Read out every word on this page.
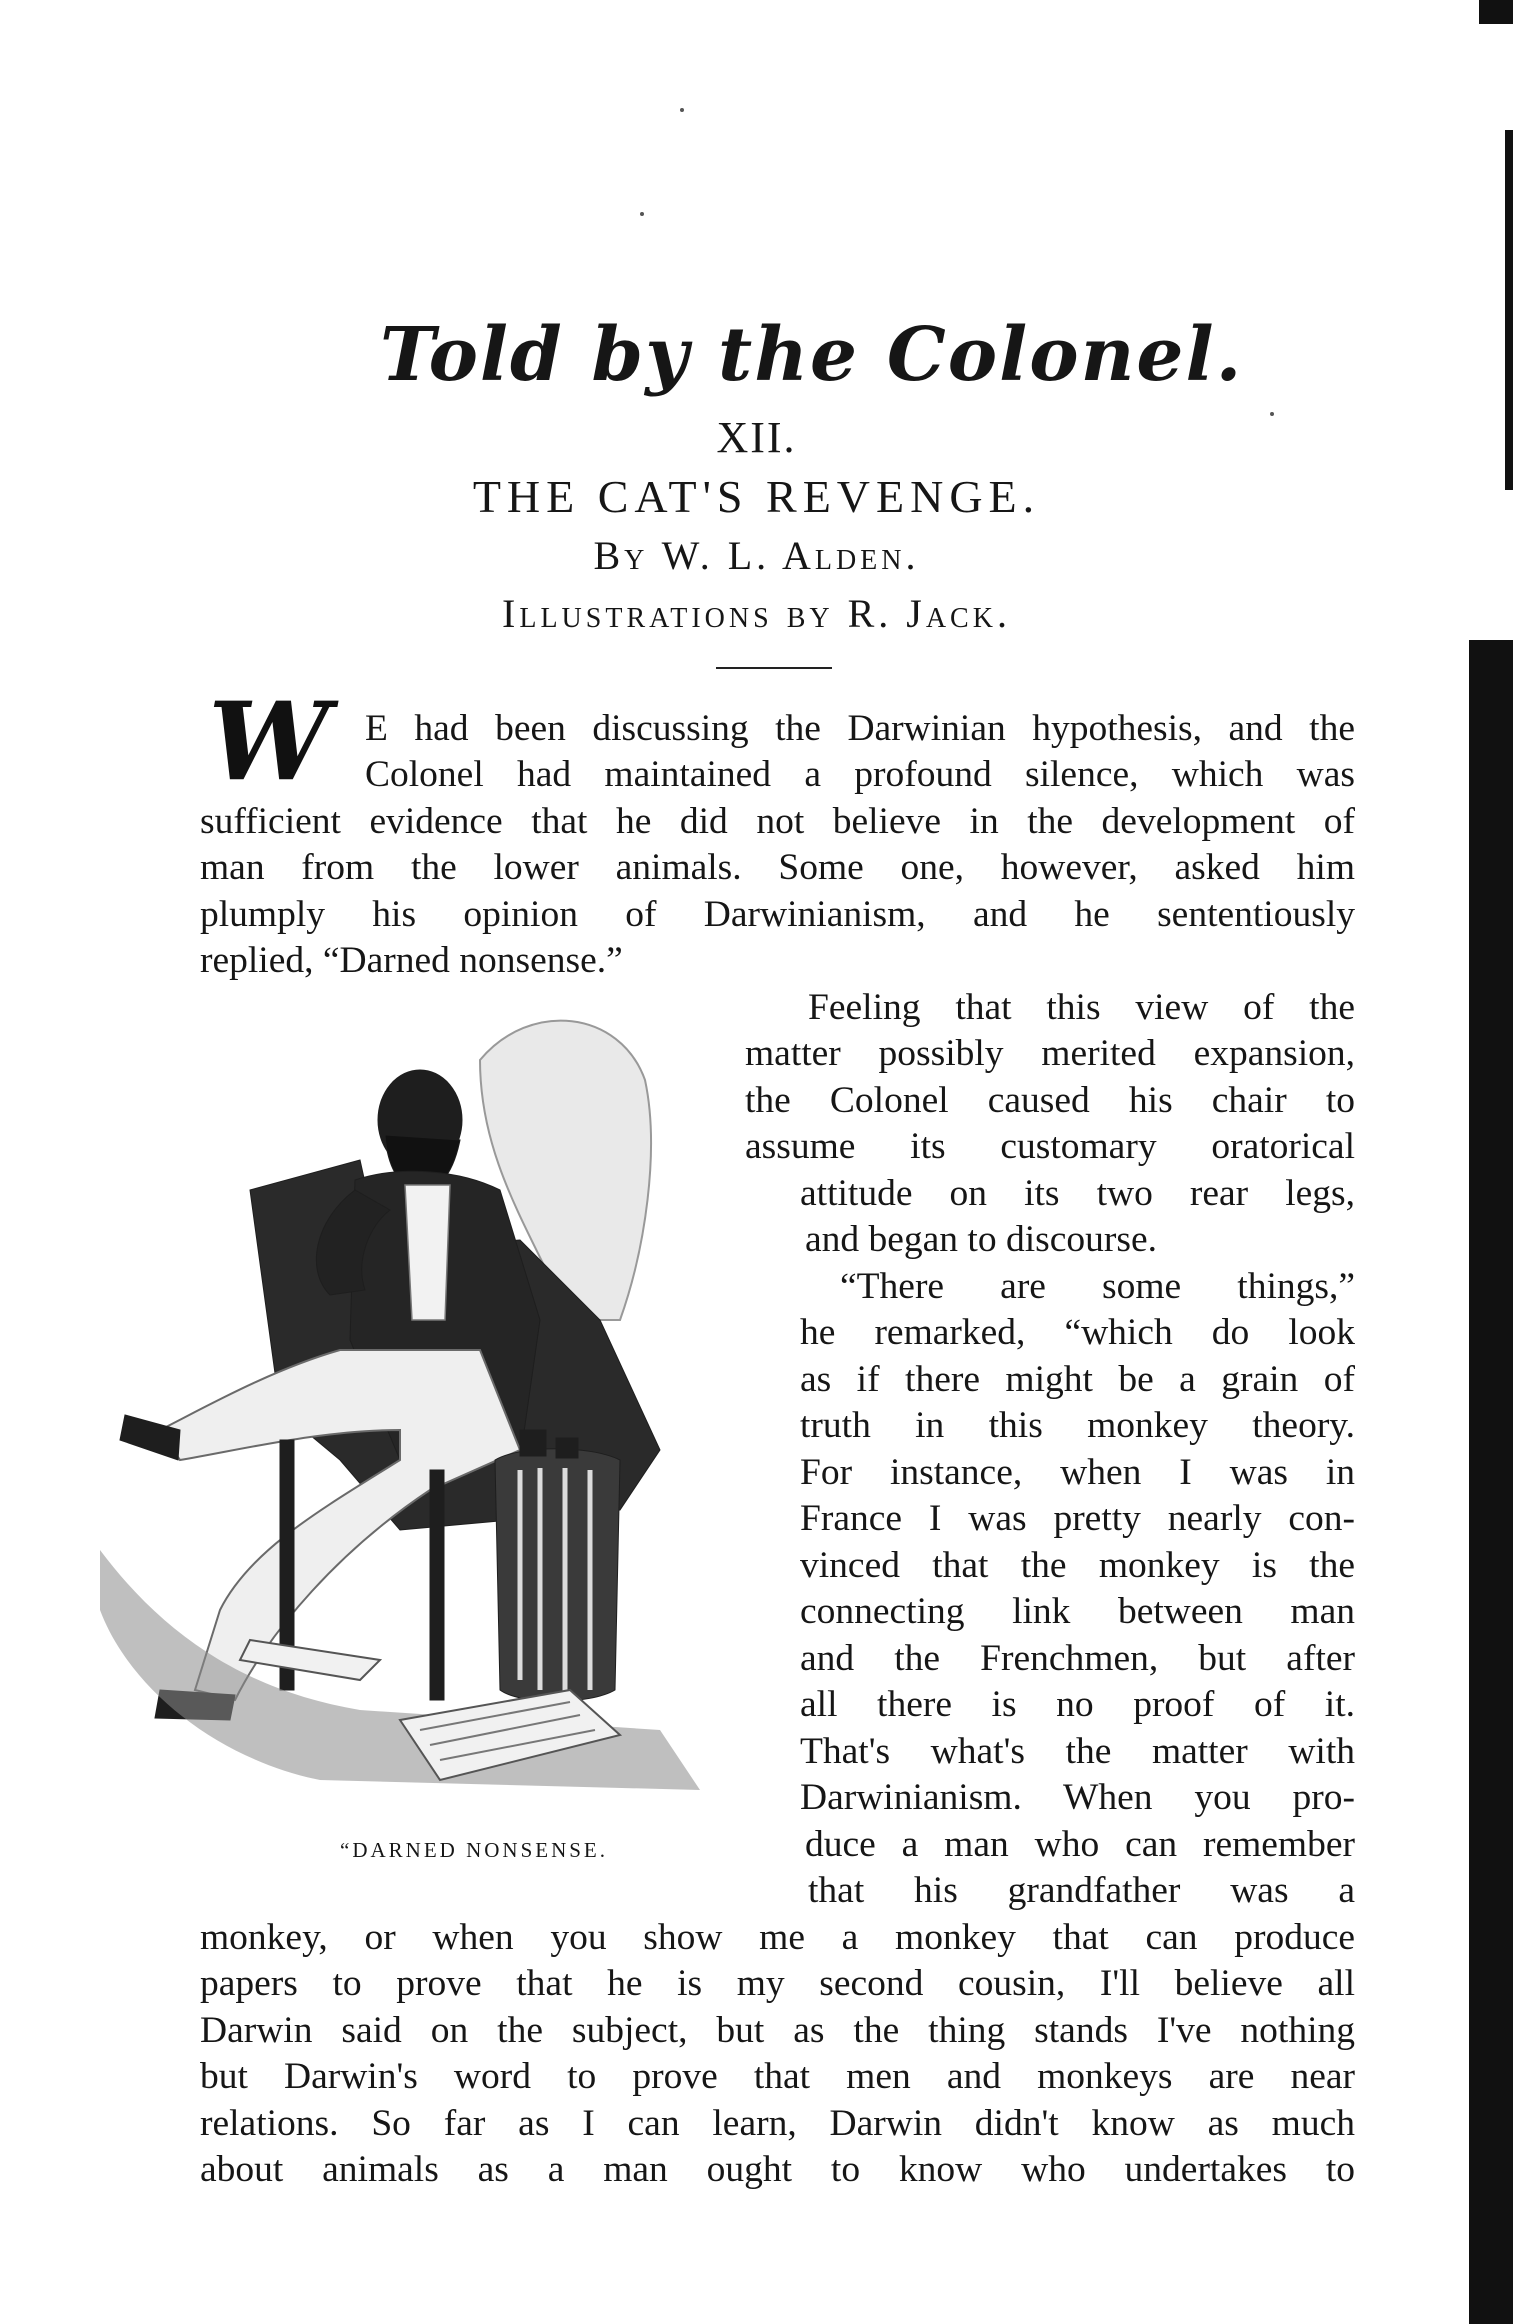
Told by the Colonel.
XII.
THE CAT'S REVENGE.
By W. L. Alden.
Illustrations by R. Jack.
W E had been discussing the Darwinian hypothesis, and the
Colonel had maintained a profound silence, which was
sufficient evidence that he did not believe in the development of
man from the lower animals. Some one, however, asked him
plumply his opinion of Darwinianism, and he sententiously
replied, “Darned nonsense.”
Feeling that this view of the
matter possibly merited expansion,
the Colonel caused his chair to
assume its customary oratorical
attitude on its two rear legs,
and began to discourse.
“There are some things,”
he remarked, “which do look
as if there might be a grain of
truth in this monkey theory.
For instance, when I was in
France I was pretty nearly con-
vinced that the monkey is the
connecting link between man
and the Frenchmen, but after
all there is no proof of it.
That's what's the matter with
Darwinianism. When you pro-
duce a man who can remember
that his grandfather was a
monkey, or when you show me a monkey that can produce
papers to prove that he is my second cousin, I'll believe all
Darwin said on the subject, but as the thing stands I've nothing
but Darwin's word to prove that men and monkeys are near
relations. So far as I can learn, Darwin didn't know as much
about animals as a man ought to know who undertakes to
“DARNED NONSENSE.
